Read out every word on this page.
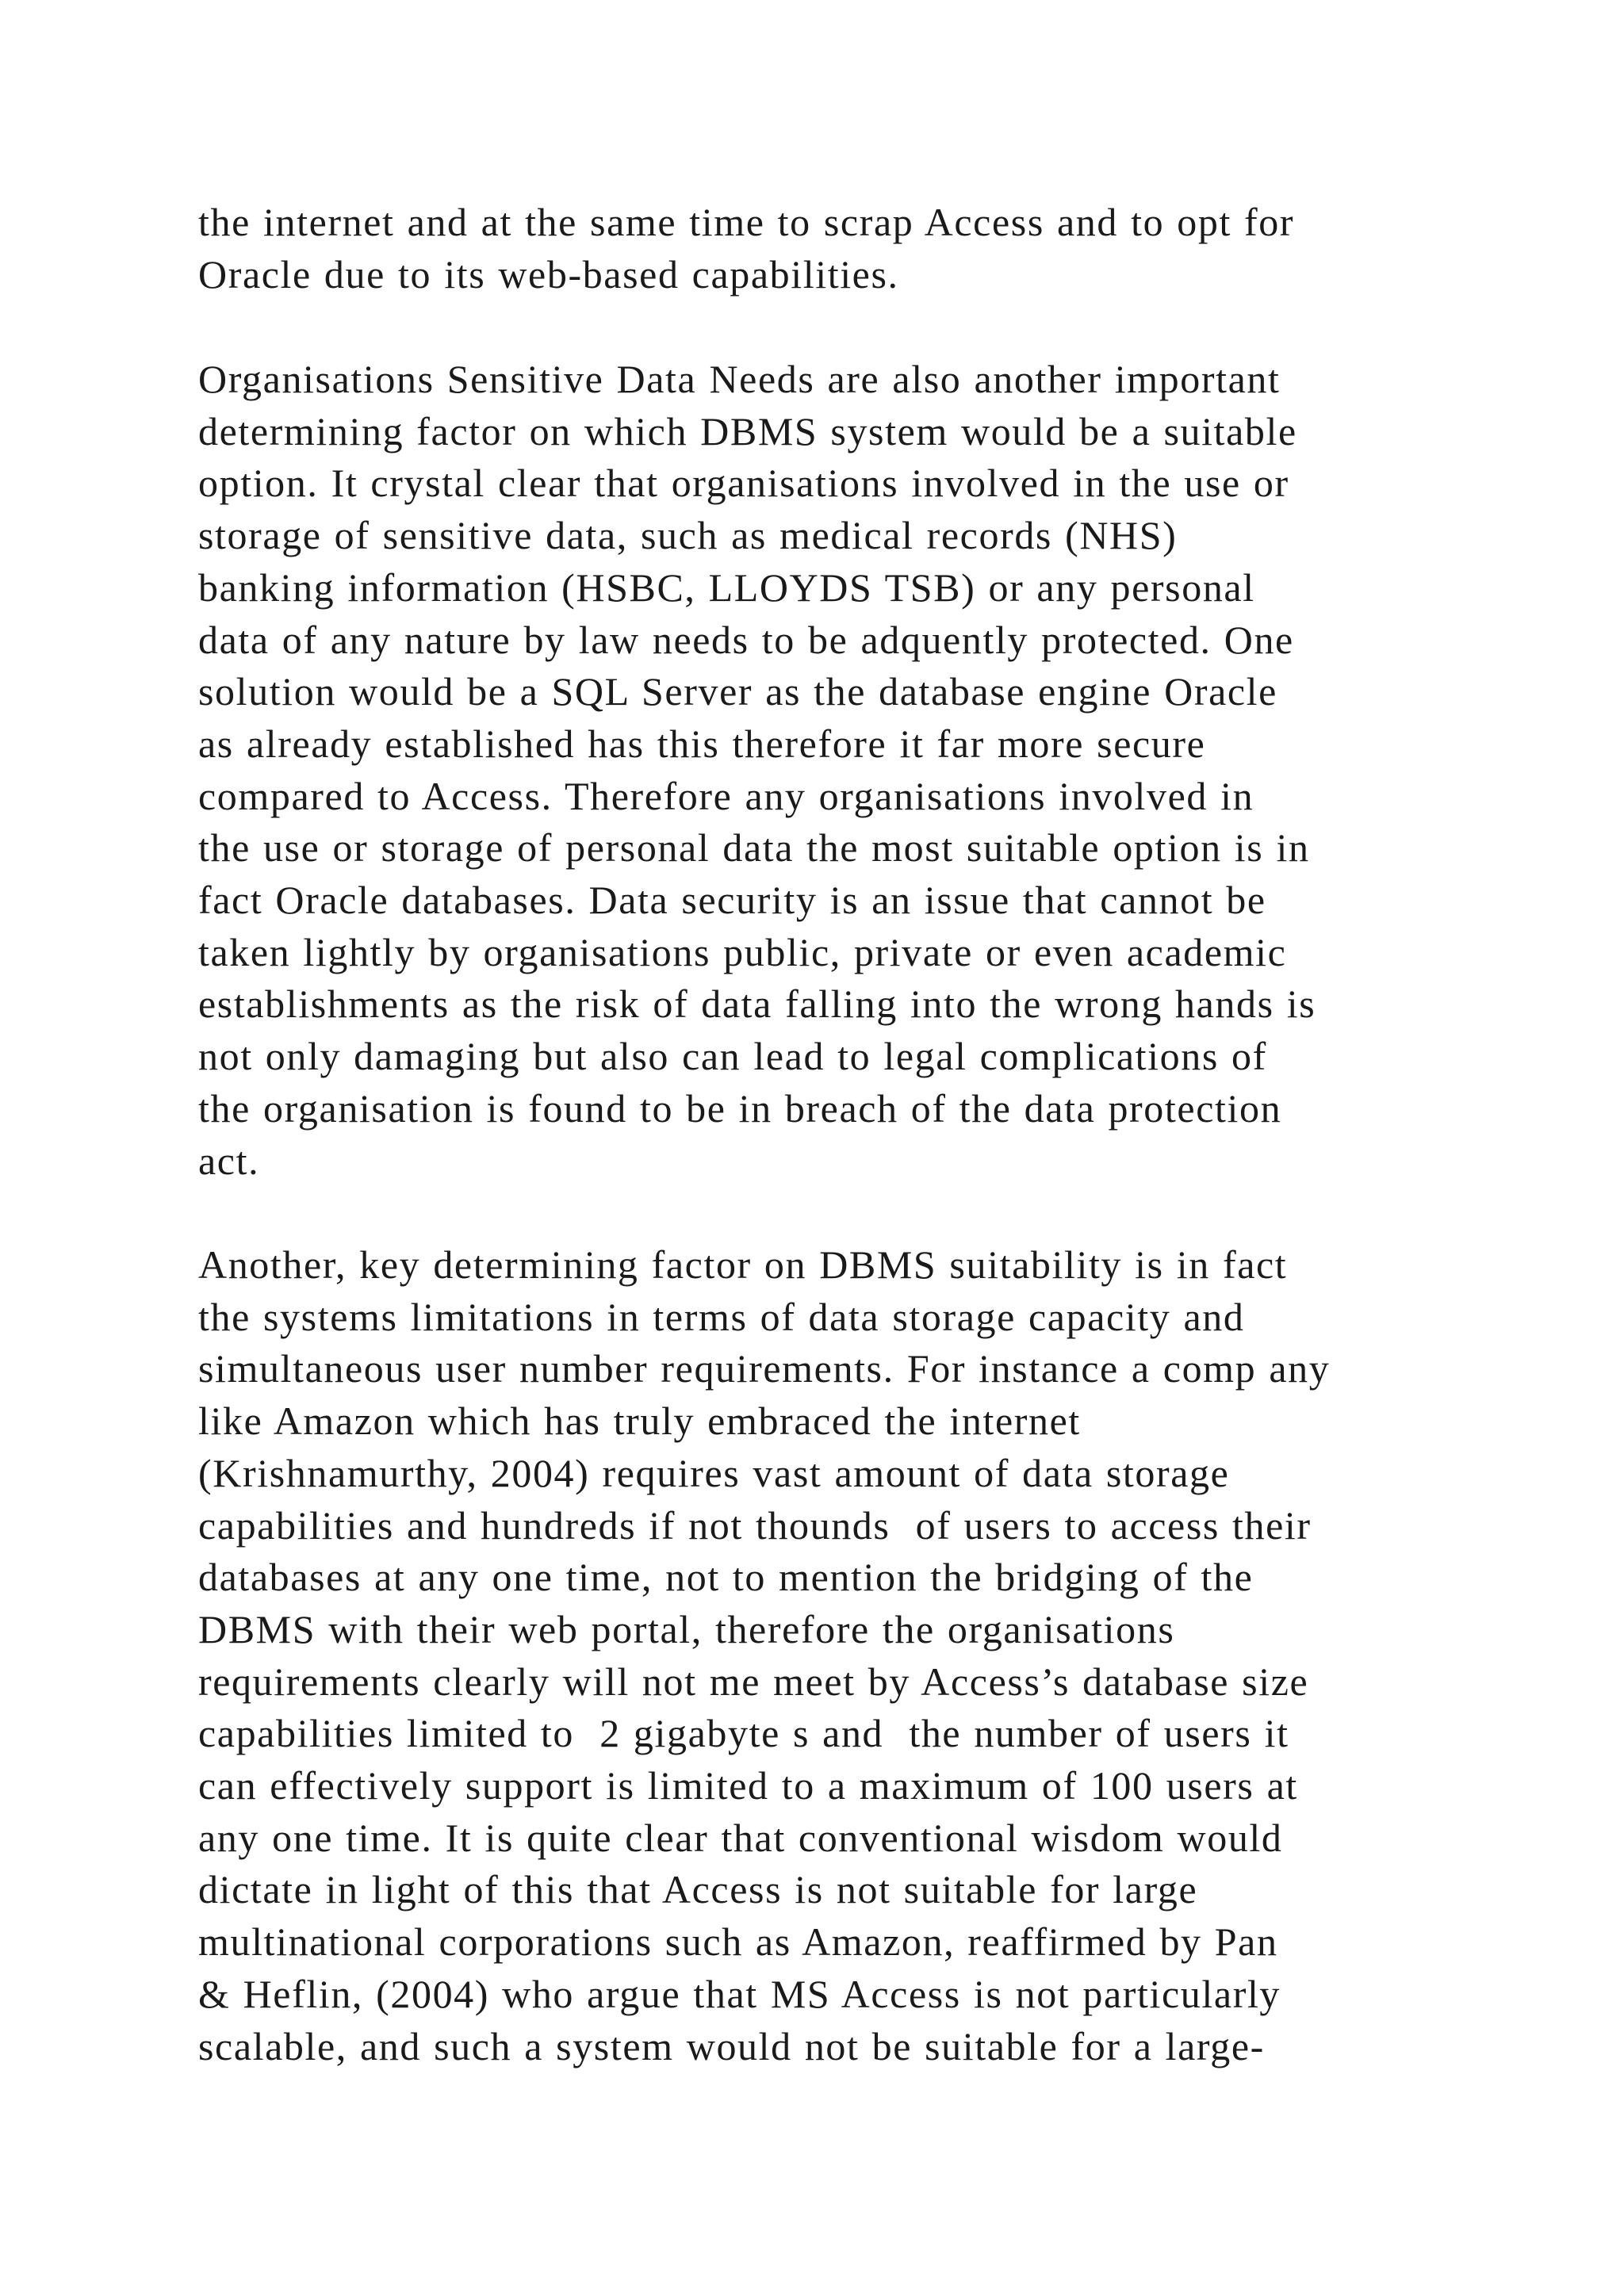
the internet and at the same time to scrap Access and to opt for
Oracle due to its web-based capabilities.
Organisations Sensitive Data Needs are also another important
determining factor on which DBMS system would be a suitable
option. It crystal clear that organisations involved in the use or
storage of sensitive data, such as medical records (NHS)
banking information (HSBC, LLOYDS TSB) or any personal
data of any nature by law needs to be adquently protected. One
solution would be a SQL Server as the database engine Oracle
as already established has this therefore it far more secure
compared to Access. Therefore any organisations involved in
the use or storage of personal data the most suitable option is in
fact Oracle databases. Data security is an issue that cannot be
taken lightly by organisations public, private or even academic
establishments as the risk of data falling into the wrong hands is
not only damaging but also can lead to legal complications of
the organisation is found to be in breach of the data protection
act.
Another, key determining factor on DBMS suitability is in fact
the systems limitations in terms of data storage capacity and
simultaneous user number requirements. For instance a comp any
like Amazon which has truly embraced the internet
(Krishnamurthy, 2004) requires vast amount of data storage
capabilities and hundreds if not thounds  of users to access their
databases at any one time, not to mention the bridging of the
DBMS with their web portal, therefore the organisations
requirements clearly will not me meet by Access’s database size
capabilities limited to  2 gigabyte s and  the number of users it
can effectively support is limited to a maximum of 100 users at
any one time. It is quite clear that conventional wisdom would
dictate in light of this that Access is not suitable for large
multinational corporations such as Amazon, reaffirmed by Pan
& Heflin, (2004) who argue that MS Access is not particularly
scalable, and such a system would not be suitable for a large-
